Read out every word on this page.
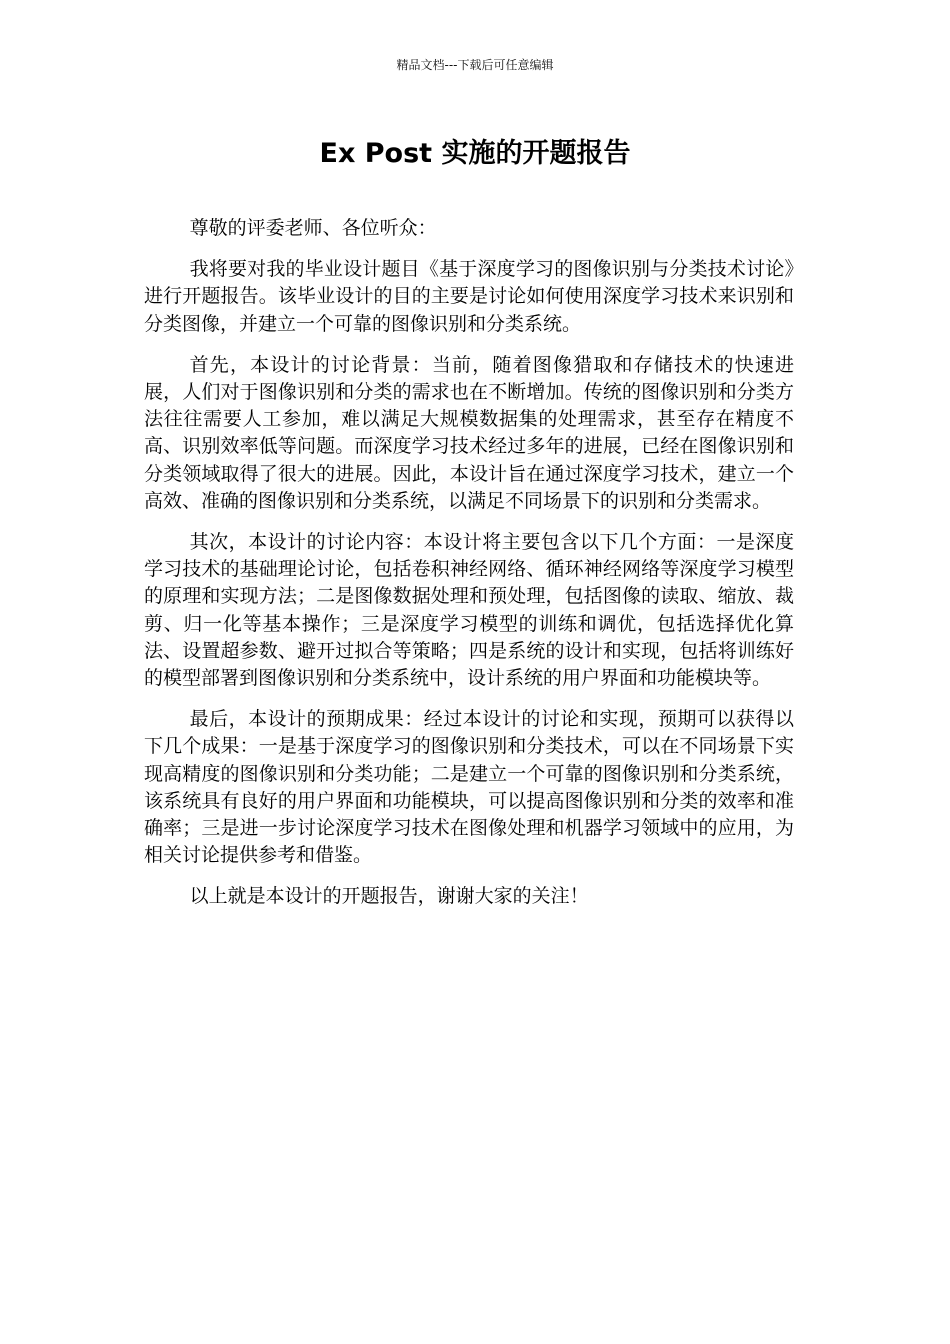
精品文档---下载后可任意编辑
Ex Post 实施的开题报告

尊敬的评委老师、各位听众：

我将要对我的毕业设计题目《基于深度学习的图像识别与分类技术讨论》进行开题报告。该毕业设计的目的主要是讨论如何使用深度学习技术来识别和分类图像，并建立一个可靠的图像识别和分类系统。

首先，本设计的讨论背景：当前，随着图像猎取和存储技术的快速进展，人们对于图像识别和分类的需求也在不断增加。传统的图像识别和分类方法往往需要人工参加，难以满足大规模数据集的处理需求，甚至存在精度不高、识别效率低等问题。而深度学习技术经过多年的进展，已经在图像识别和分类领域取得了很大的进展。因此，本设计旨在通过深度学习技术，建立一个高效、准确的图像识别和分类系统，以满足不同场景下的识别和分类需求。

其次，本设计的讨论内容：本设计将主要包含以下几个方面：一是深度学习技术的基础理论讨论，包括卷积神经网络、循环神经网络等深度学习模型的原理和实现方法；二是图像数据处理和预处理，包括图像的读取、缩放、裁剪、归一化等基本操作；三是深度学习模型的训练和调优，包括选择优化算法、设置超参数、避开过拟合等策略；四是系统的设计和实现，包括将训练好的模型部署到图像识别和分类系统中，设计系统的用户界面和功能模块等。

最后，本设计的预期成果：经过本设计的讨论和实现，预期可以获得以下几个成果：一是基于深度学习的图像识别和分类技术，可以在不同场景下实现高精度的图像识别和分类功能；二是建立一个可靠的图像识别和分类系统，该系统具有良好的用户界面和功能模块，可以提高图像识别和分类的效率和准确率；三是进一步讨论深度学习技术在图像处理和机器学习领域中的应用，为相关讨论提供参考和借鉴。

以上就是本设计的开题报告，谢谢大家的关注！
